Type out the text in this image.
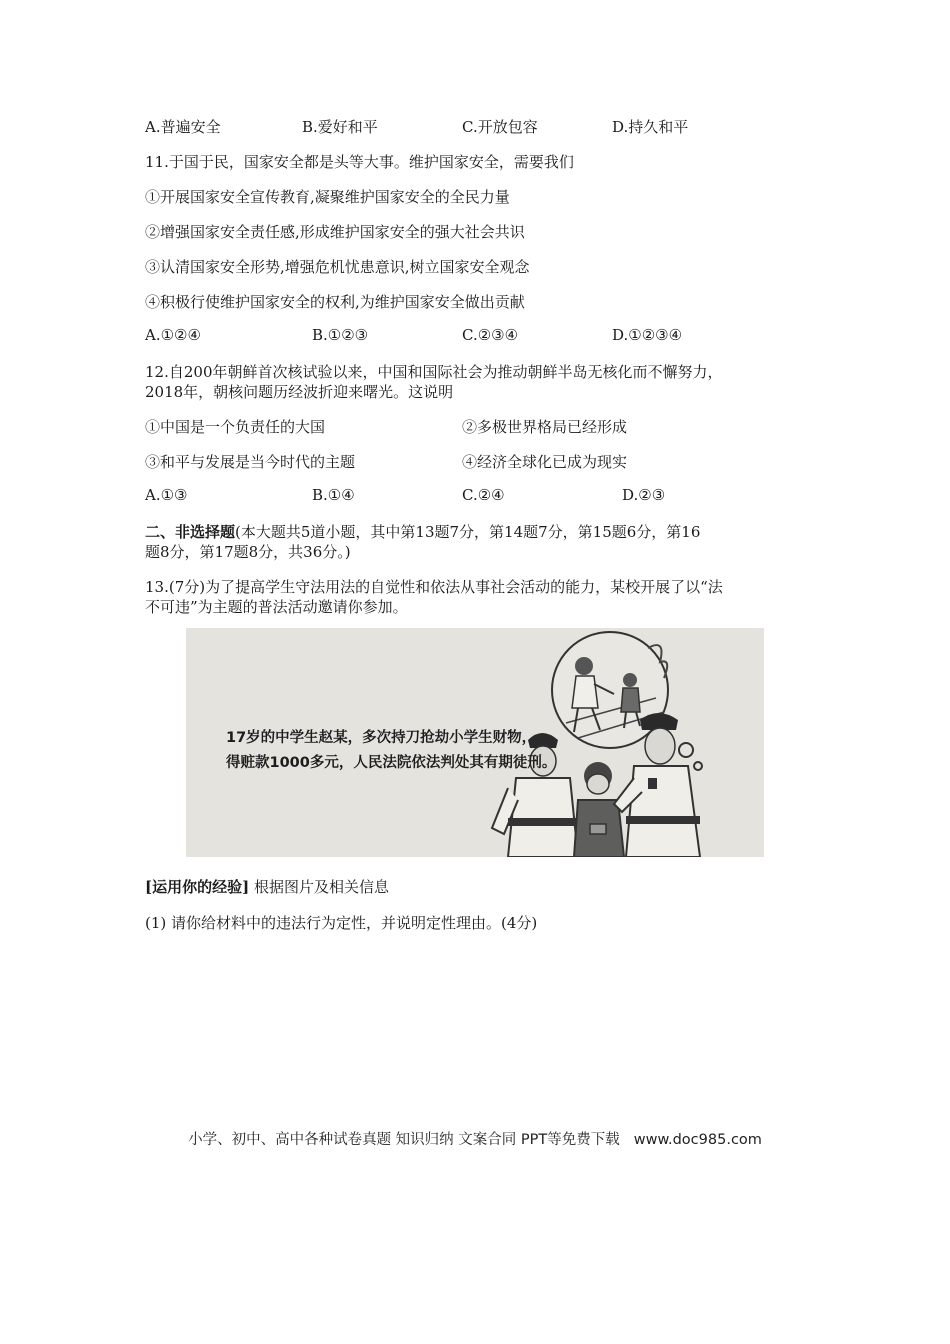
A.普遍安全	B.爱好和平	C.开放包容	D.持久和平
11.于国于民，国家安全都是头等大事。维护国家安全，需要我们
①开展国家安全宣传教育,凝聚维护国家安全的全民力量
②增强国家安全责任感,形成维护国家安全的强大社会共识
③认清国家安全形势,增强危机忧患意识,树立国家安全观念
④积极行使维护国家安全的权利,为维护国家安全做出贡献
A.①②④	B.①②③	C.②③④	D.①②③④
12.自200年朝鲜首次核试验以来，中国和国际社会为推动朝鲜半岛无核化而不懈努力，
2018年，朝核问题历经波折迎来曙光。这说明
①中国是一个负责任的大国	②多极世界格局已经形成
③和平与发展是当今时代的主题	④经济全球化已成为现实
A.①③	B.①④	C.②④	D.②③
二、非选择题(本大题共5道小题，其中第13题7分，第14题7分，第15题6分，第16
题8分，第17题8分，共36分。)
13.(7分)为了提高学生守法用法的自觉性和依法从事社会活动的能力，某校开展了以“法
不可违”为主题的普法活动邀请你参加。
17岁的中学生赵某，多次持刀抢劫小学生财物，
得赃款1000多元，人民法院依法判处其有期徒刑。
[运用你的经验] 根据图片及相关信息
(1) 请你给材料中的违法行为定性，并说明定性理由。(4分)
小学、初中、高中各种试卷真题 知识归纳 文案合同 PPT等免费下载 www.doc985.com
